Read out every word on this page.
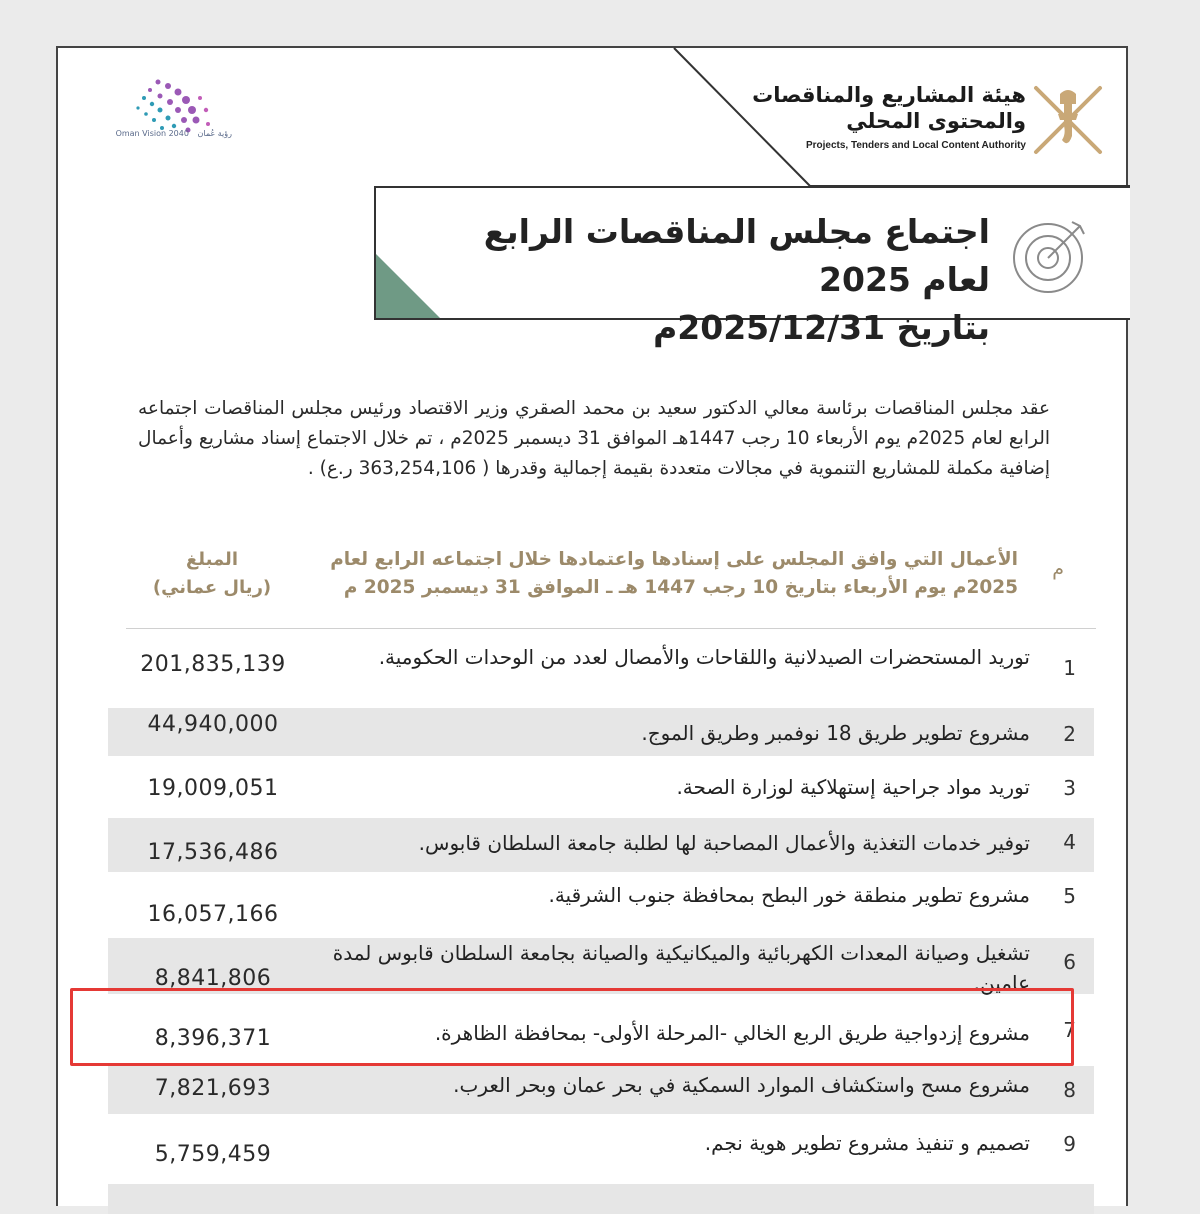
رؤية عُمان Oman Vision 2040
هيئة المشاريع والمناقصات
والمحتوى المحلي
Projects, Tenders and Local Content Authority
اجتماع مجلس المناقصات الرابع لعام 2025
بتاريخ 2025/12/31م
عقد مجلس المناقصات برئاسة معالي الدكتور سعيد بن محمد الصقري وزير الاقتصاد ورئيس مجلس المناقصات اجتماعه الرابع لعام 2025م يوم الأربعاء 10 رجب 1447هـ الموافق 31 ديسمبر 2025م ، تم خلال الاجتماع إسناد مشاريع وأعمال إضافية مكملة للمشاريع التنموية في مجالات متعددة بقيمة إجمالية وقدرها ( 363,254,106 ر.ع) .
م
الأعمال التي وافق المجلس على إسنادها واعتمادها خلال اجتماعه الرابع لعام
2025م يوم الأربعاء بتاريخ 10 رجب 1447 هـ ـ الموافق 31 ديسمبر 2025 م
المبلغ
(ريال عماني)
1
توريد المستحضرات الصيدلانية واللقاحات والأمصال لعدد من الوحدات الحكومية.
201,835,139
2
مشروع تطوير طريق 18 نوفمبر وطريق الموج.
44,940,000
3
توريد مواد جراحية إستهلاكية لوزارة الصحة.
19,009,051
4
توفير خدمات التغذية والأعمال المصاحبة لها لطلبة جامعة السلطان قابوس.
17,536,486
5
مشروع تطوير منطقة خور البطح بمحافظة جنوب الشرقية.
16,057,166
6
تشغيل وصيانة المعدات الكهربائية والميكانيكية والصيانة بجامعة السلطان قابوس لمدة عامين.
8,841,806
7
مشروع إزدواجية طريق الربع الخالي -المرحلة الأولى- بمحافظة الظاهرة.
8,396,371
8
مشروع مسح واستكشاف الموارد السمكية في بحر عمان وبحر العرب.
7,821,693
9
تصميم و تنفيذ مشروع تطوير هوية نجم.
5,759,459
